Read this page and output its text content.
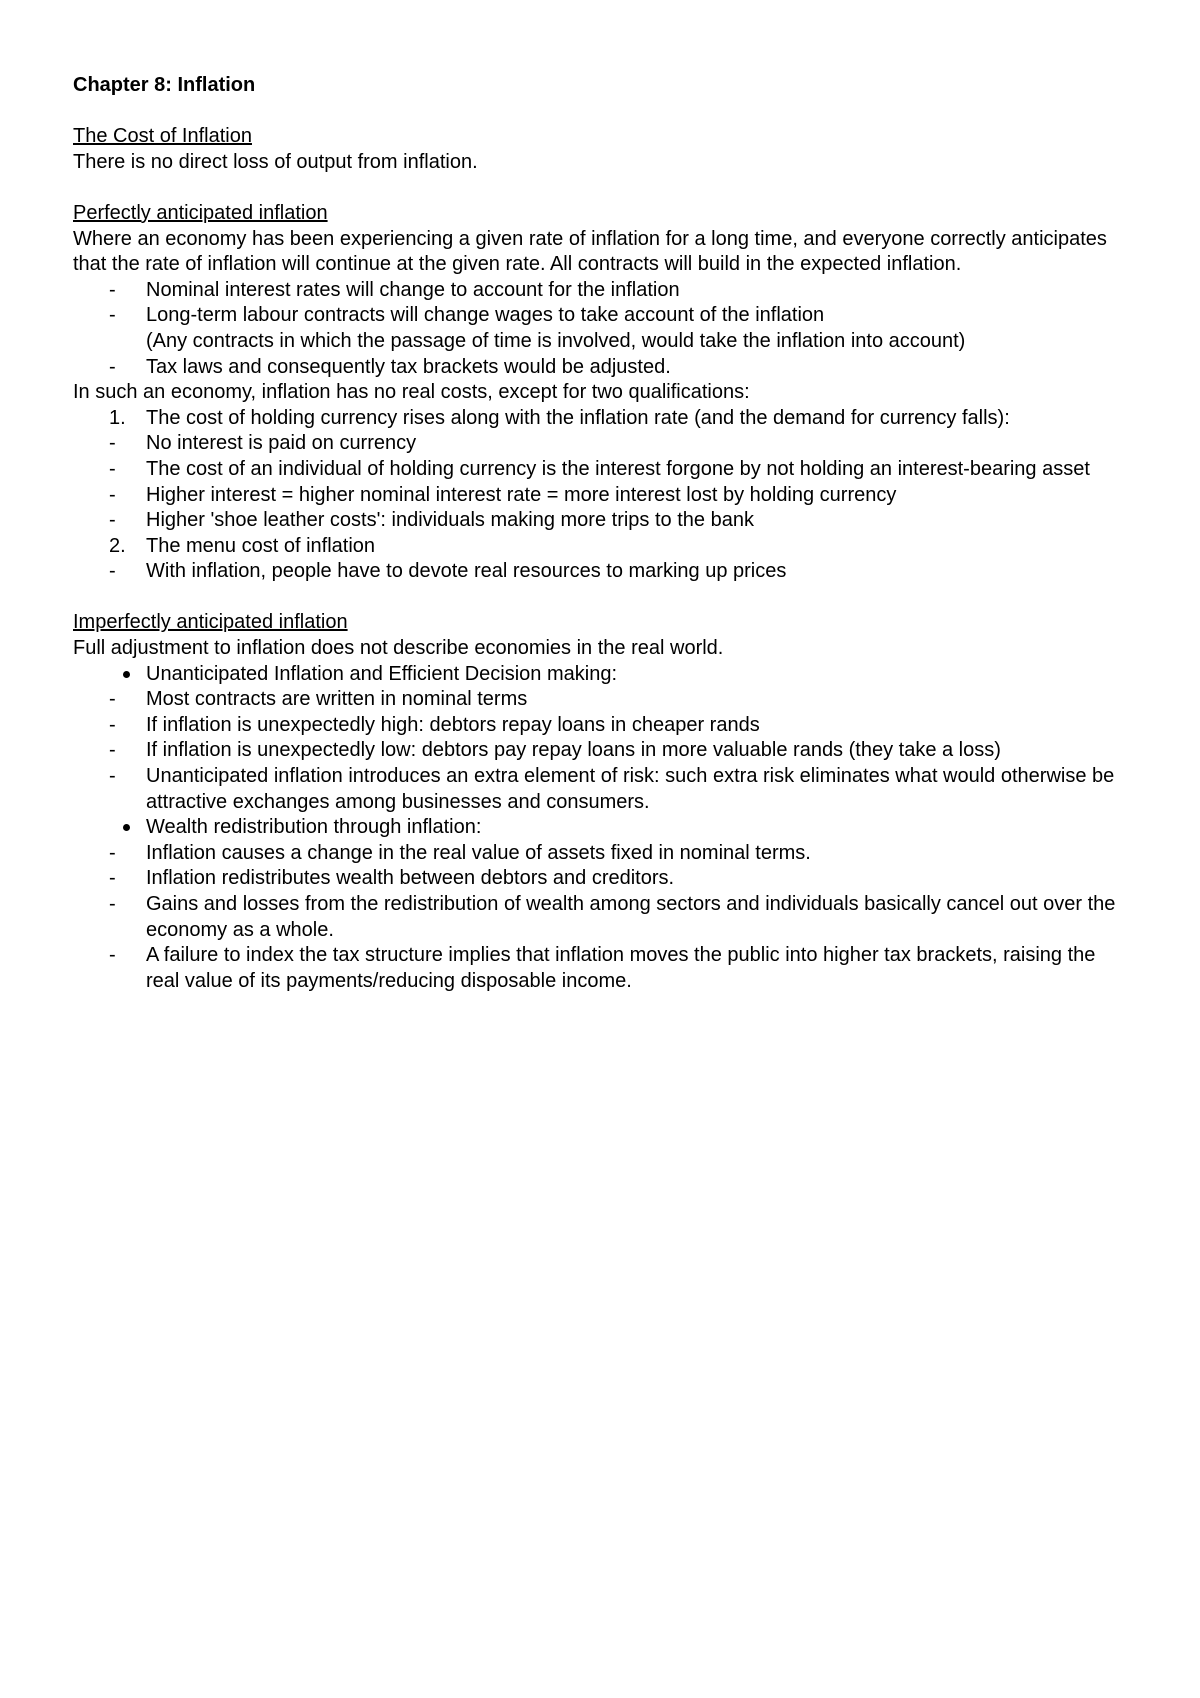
Chapter 8: Inflation

The Cost of Inflation

There is no direct loss of output from inflation.

Perfectly anticipated inflation

Where an economy has been experiencing a given rate of inflation for a long time, and everyone correctly anticipates that the rate of inflation will continue at the given rate. All contracts will build in the expected inflation.

- Nominal interest rates will change to account for the inflation
- Long-term labour contracts will change wages to take account of the inflation

(Any contracts in which the passage of time is involved, would take the inflation into account)

- Tax laws and consequently tax brackets would be adjusted.

In such an economy, inflation has no real costs, except for two qualifications:

1. The cost of holding currency rises along with the inflation rate (and the demand for currency falls):
- No interest is paid on currency
- The cost of an individual of holding currency is the interest forgone by not holding an interest-bearing asset
- Higher interest = higher nominal interest rate = more interest lost by holding currency
- Higher 'shoe leather costs': individuals making more trips to the bank
2. The menu cost of inflation
- With inflation, people have to devote real resources to marking up prices

Imperfectly anticipated inflation

Full adjustment to inflation does not describe economies in the real world.

Unanticipated Inflation and Efficient Decision making:
- Most contracts are written in nominal terms
- If inflation is unexpectedly high: debtors repay loans in cheaper rands
- If inflation is unexpectedly low: debtors pay repay loans in more valuable rands (they take a loss)
- Unanticipated inflation introduces an extra element of risk: such extra risk eliminates what would otherwise be attractive exchanges among businesses and consumers.
Wealth redistribution through inflation:
- Inflation causes a change in the real value of assets fixed in nominal terms.
- Inflation redistributes wealth between debtors and creditors.
- Gains and losses from the redistribution of wealth among sectors and individuals basically cancel out over the economy as a whole.
- A failure to index the tax structure implies that inflation moves the public into higher tax brackets, raising the real value of its payments/reducing disposable income.
